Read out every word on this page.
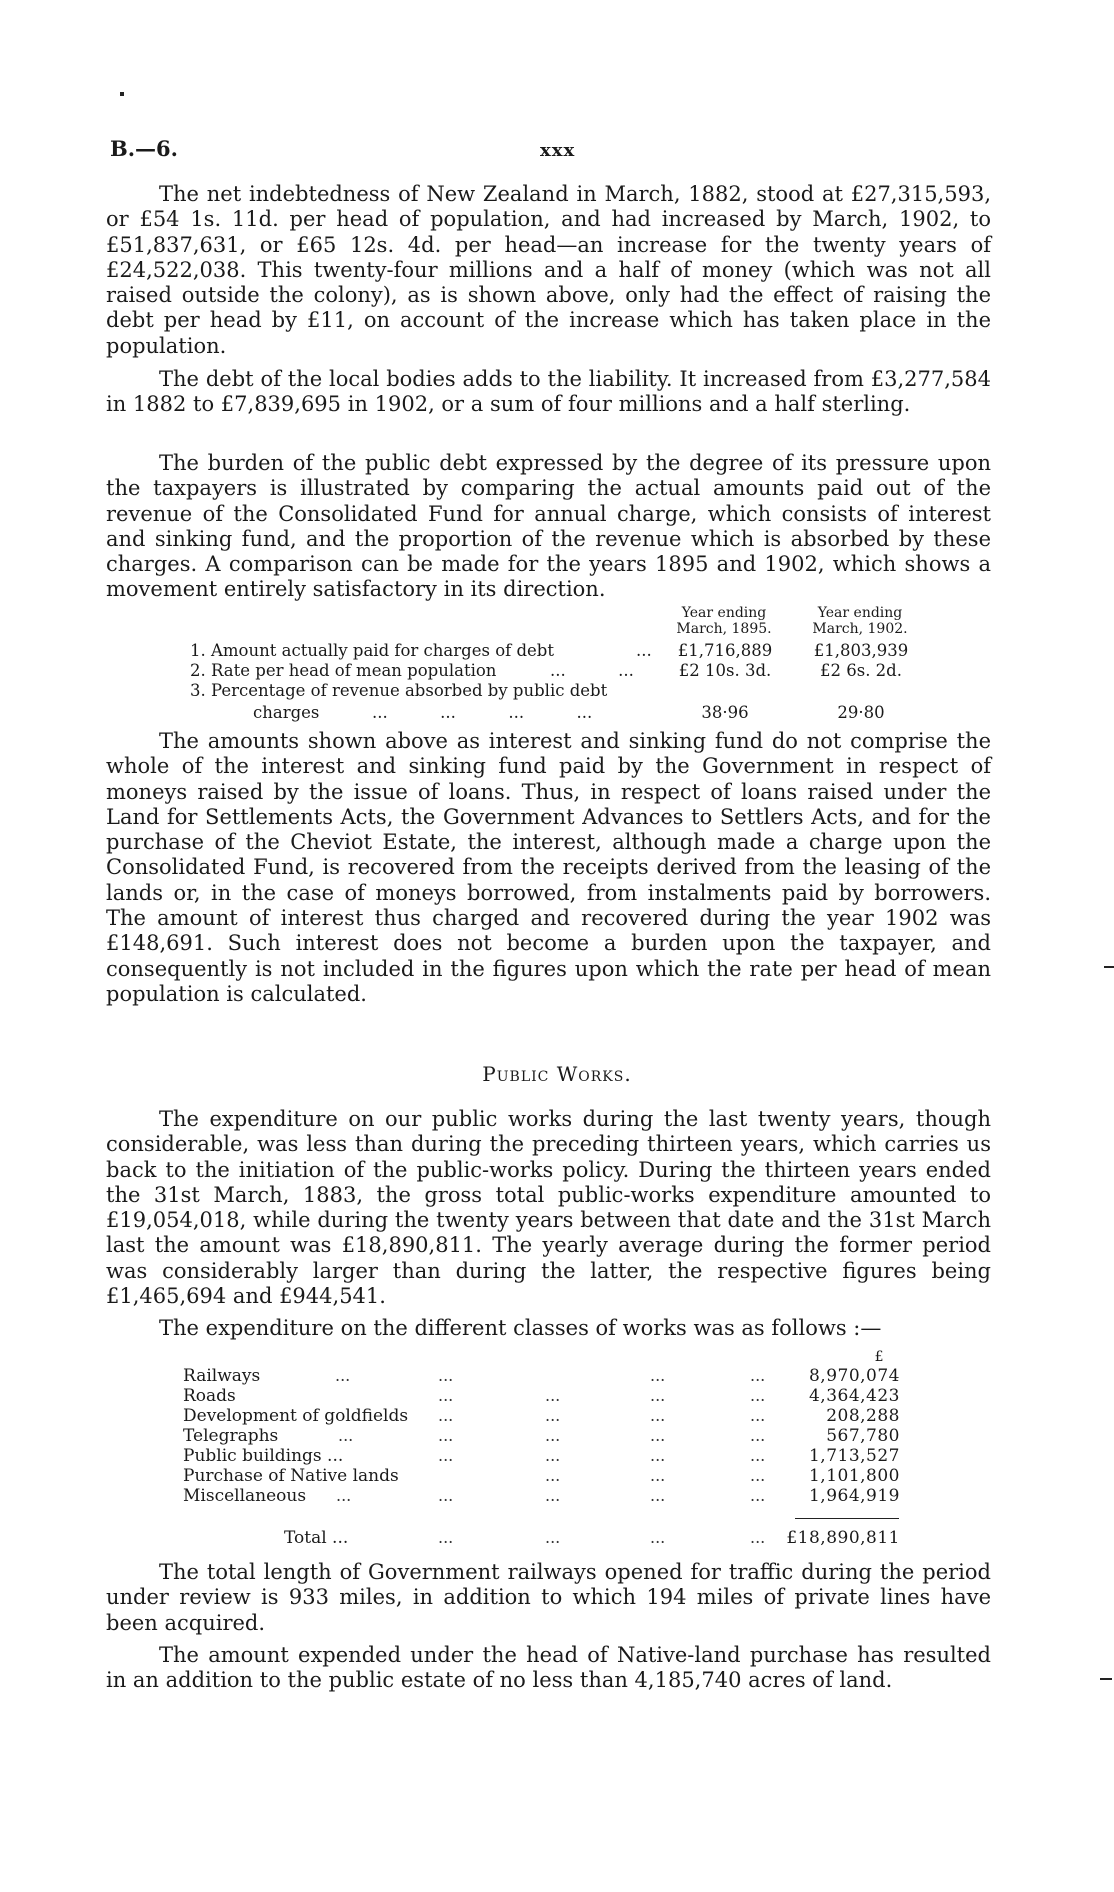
B.—6.	xxx

The net indebtedness of New Zealand in March, 1882, stood at £27,315,593, or £54 1s. 11d. per head of population, and had increased by March, 1902, to £51,837,631, or £65 12s. 4d. per head—an increase for the twenty years of £24,522,038. This twenty-four millions and a half of money (which was not all raised outside the colony), as is shown above, only had the effect of raising the debt per head by £11, on account of the increase which has taken place in the population.

The debt of the local bodies adds to the liability. It increased from £3,277,584 in 1882 to £7,839,695 in 1902, or a sum of four millions and a half sterling.

The burden of the public debt expressed by the degree of its pressure upon the taxpayers is illustrated by comparing the actual amounts paid out of the revenue of the Consolidated Fund for annual charge, which consists of interest and sinking fund, and the proportion of the revenue which is absorbed by these charges. A comparison can be made for the years 1895 and 1902, which shows a movement entirely satisfactory in its direction.

Year ending
March, 1895.
Year ending
March, 1902.
1. Amount actually paid for charges of debt	...	£1,716,889	£1,803,939
2. Rate per head of mean population	...          ...	£2 10s. 3d.	£2 6s. 2d.
3. Percentage of revenue absorbed by public debt
charges	...          ...          ...          ...	38·96	29·80

The amounts shown above as interest and sinking fund do not comprise the whole of the interest and sinking fund paid by the Government in respect of moneys raised by the issue of loans. Thus, in respect of loans raised under the Land for Settlements Acts, the Government Advances to Settlers Acts, and for the purchase of the Cheviot Estate, the interest, although made a charge upon the Consolidated Fund, is recovered from the receipts derived from the leasing of the lands or, in the case of moneys borrowed, from instalments paid by borrowers. The amount of interest thus charged and recovered during the year 1902 was £148,691. Such interest does not become a burden upon the taxpayer, and consequently is not included in the figures upon which the rate per head of mean population is calculated.

Public Works.

The expenditure on our public works during the last twenty years, though considerable, was less than during the preceding thirteen years, which carries us back to the initiation of the public-works policy. During the thirteen years ended the 31st March, 1883, the gross total public-works expenditure amounted to £19,054,018, while during the twenty years between that date and the 31st March last the amount was £18,890,811. The yearly average during the former period was considerably larger than during the latter, the respective figures being £1,465,694 and £944,541.

The expenditure on the different classes of works was as follows :—

£
Railways	...	...	...	...	8,970,074
Roads	...	...	...	...	4,364,423
Development of goldfields ...	...	...	...	208,288
Telegraphs	...	...	...	...	...	567,780
Public buildings ...	...	...	...	...	1,713,527
Purchase of Native lands	...	...	...	1,101,800
Miscellaneous ...	...	...	...	...	1,964,919
Total ...	...	...	...	... £18,890,811

The total length of Government railways opened for traffic during the period under review is 933 miles, in addition to which 194 miles of private lines have been acquired.

The amount expended under the head of Native-land purchase has resulted in an addition to the public estate of no less than 4,185,740 acres of land.
